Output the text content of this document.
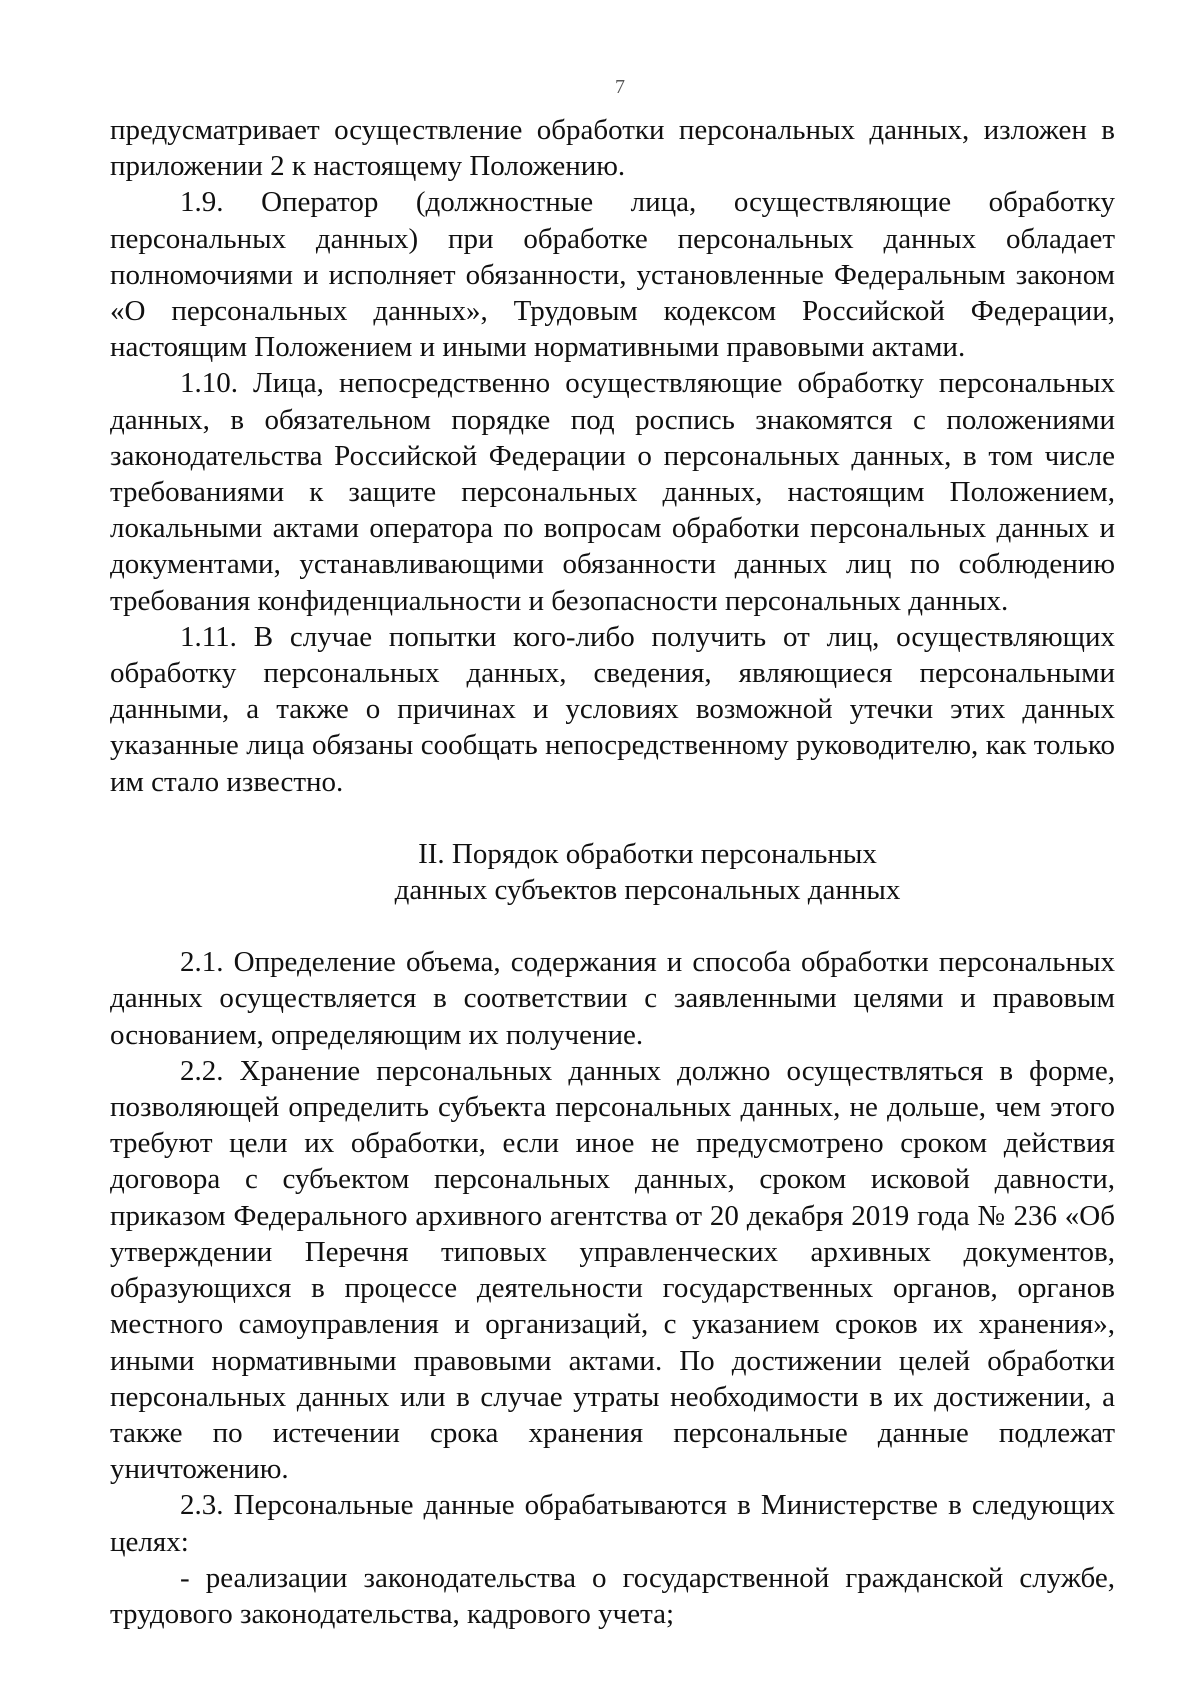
7

предусматривает осуществление обработки персональных данных, изложен в приложении 2 к настоящему Положению.

1.9. Оператор (должностные лица, осуществляющие обработку персональных данных) при обработке персональных данных обладает полномочиями и исполняет обязанности, установленные Федеральным законом «О персональных данных», Трудовым кодексом Российской Федерации, настоящим Положением и иными нормативными правовыми актами.

1.10. Лица, непосредственно осуществляющие обработку персональных данных, в обязательном порядке под роспись знакомятся с положениями законодательства Российской Федерации о персональных данных, в том числе требованиями к защите персональных данных, настоящим Положением, локальными актами оператора по вопросам обработки персональных данных и документами, устанавливающими обязанности данных лиц по соблюдению требования конфиденциальности и безопасности персональных данных.

1.11. В случае попытки кого-либо получить от лиц, осуществляющих обработку персональных данных, сведения, являющиеся персональными данными, а также о причинах и условиях возможной утечки этих данных указанные лица обязаны сообщать непосредственному руководителю, как только им стало известно.

II. Порядок обработки персональных
данных субъектов персональных данных

2.1. Определение объема, содержания и способа обработки персональных данных осуществляется в соответствии с заявленными целями и правовым основанием, определяющим их получение.

2.2. Хранение персональных данных должно осуществляться в форме, позволяющей определить субъекта персональных данных, не дольше, чем этого требуют цели их обработки, если иное не предусмотрено сроком действия договора с субъектом персональных данных, сроком исковой давности, приказом Федерального архивного агентства от 20 декабря 2019 года № 236 «Об утверждении Перечня типовых управленческих архивных документов, образующихся в процессе деятельности государственных органов, органов местного самоуправления и организаций, с указанием сроков их хранения», иными нормативными правовыми актами. По достижении целей обработки персональных данных или в случае утраты необходимости в их достижении, а также по истечении срока хранения персональные данные подлежат уничтожению.

2.3. Персональные данные обрабатываются в Министерстве в следующих целях:

- реализации законодательства о государственной гражданской службе, трудового законодательства, кадрового учета;
